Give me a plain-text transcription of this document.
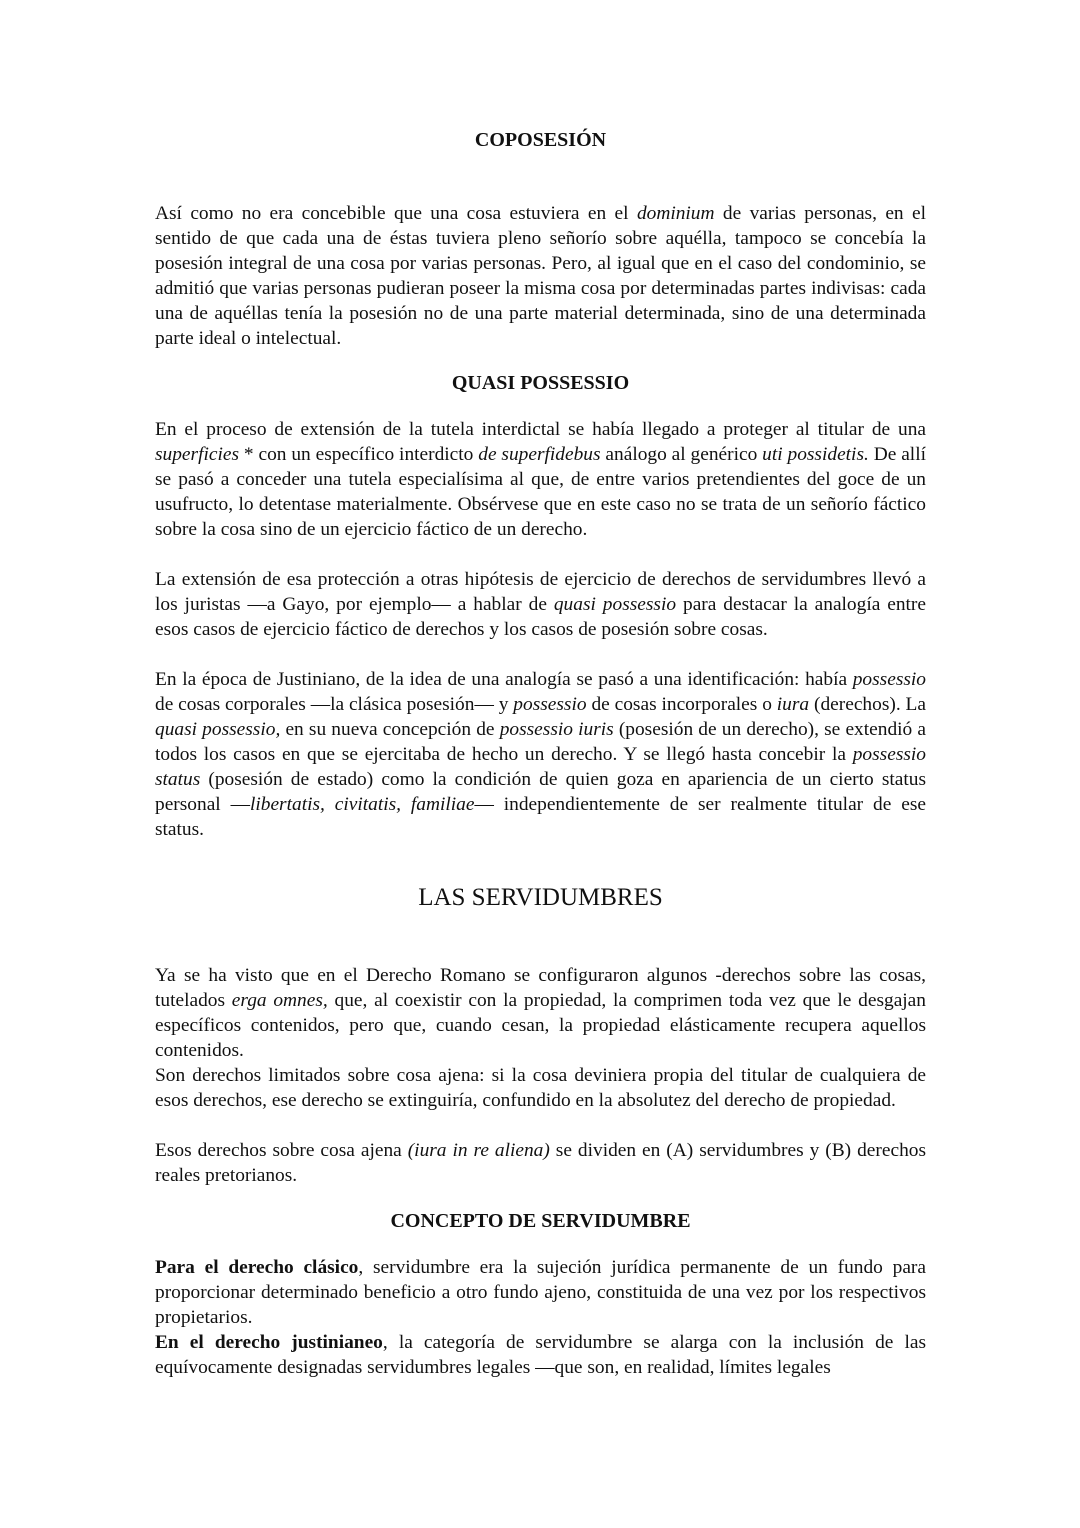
COPOSESIÓN

Así como no era concebible que una cosa estuviera en el dominium de varias personas, en el sentido de que cada una de éstas tuviera pleno señorío sobre aquélla, tampoco se concebía la posesión integral de una cosa por varias personas. Pero, al igual que en el caso del condominio, se admitió que varias personas pudieran poseer la misma cosa por determinadas partes indivisas: cada una de aquéllas tenía la posesión no de una parte material determinada, sino de una determinada parte ideal o intelectual.

QUASI POSSESSIO

En el proceso de extensión de la tutela interdictal se había llegado a proteger al titular de una superficies * con un específico interdicto de superfidebus análogo al genérico uti possidetis. De allí se pasó a conceder una tutela especialísima al que, de entre varios pretendientes del goce de un usufructo, lo detentase materialmente. Obsérvese que en este caso no se trata de un señorío fáctico sobre la cosa sino de un ejercicio fáctico de un derecho.

La extensión de esa protección a otras hipótesis de ejercicio de derechos de servidumbres llevó a los juristas —a Gayo, por ejemplo— a hablar de quasi possessio para destacar la analogía entre esos casos de ejercicio fáctico de derechos y los casos de posesión sobre cosas.

En la época de Justiniano, de la idea de una analogía se pasó a una identificación: había possessio de cosas corporales —la clásica posesión— y possessio de cosas incorporales o iura (derechos). La quasi possessio, en su nueva concepción de possessio iuris (posesión de un derecho), se extendió a todos los casos en que se ejercitaba de hecho un derecho. Y se llegó hasta concebir la possessio status (posesión de estado) como la condición de quien goza en apariencia de un cierto status personal —libertatis, civitatis, familiae— independientemente de ser realmente titular de ese status.

LAS SERVIDUMBRES

Ya se ha visto que en el Derecho Romano se configuraron algunos -derechos sobre las cosas, tutelados erga omnes, que, al coexistir con la propiedad, la comprimen toda vez que le desgajan específicos contenidos, pero que, cuando cesan, la propiedad elásticamente recupera aquellos contenidos.

Son derechos limitados sobre cosa ajena: si la cosa deviniera propia del titular de cualquiera de esos derechos, ese derecho se extinguiría, confundido en la absolutez del derecho de propiedad.

Esos derechos sobre cosa ajena (iura in re aliena) se dividen en (A) servidumbres y (B) derechos reales pretorianos.

CONCEPTO DE SERVIDUMBRE

Para el derecho clásico, servidumbre era la sujeción jurídica permanente de un fundo para proporcionar determinado beneficio a otro fundo ajeno, constituida de una vez por los respectivos propietarios.

En el derecho justinianeo, la categoría de servidumbre se alarga con la inclusión de las equívocamente designadas servidumbres legales —que son, en realidad, límites legales
